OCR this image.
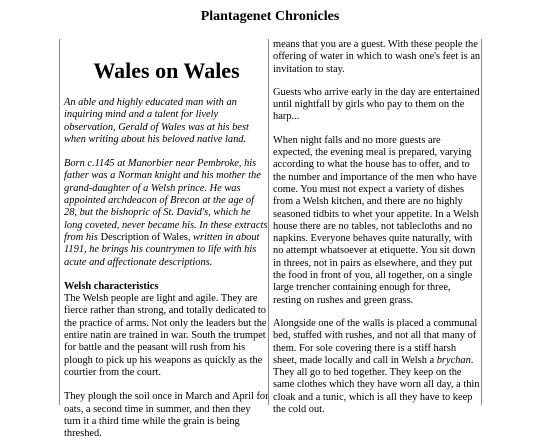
Plantagenet Chronicles
Wales on Wales

An able and highly educated man with an inquiring mind and a talent for lively observation, Gerald of Wales was at his best when writing about his beloved native land.

Born c.1145 at Manorbier near Pembroke, his father was a Norman knight and his mother the grand-daughter of a Welsh prince. He was appointed archdeacon of Brecon at the age of 28, but the bishopric of St. David's, which he long coveted, never became his. In these extracts from his Description of Wales, written in about 1191, he brings his countrymen to life with his acute and affectionate descriptions.

Welsh characteristics

The Welsh people are light and agile. They are fierce rather than strong, and totally dedicated to the practice of arms. Not only the leaders but the entire natin are trained in war. South the trumpet for battle and the peasant will rush from his plough to pick up his weapons as quickly as the courtier from the court.

They plough the soil once in March and April for oats, a second time in summer, and then they turn it a third time while the grain is being threshed.

means that you are a guest. With these people the offering of water in which to wash one's feet is an invitation to stay.

Guests who arrive early in the day are entertained until nightfall by girls who pay to them on the harp...

When night falls and no more guests are expected, the evening meal is prepared, varying according to what the house has to offer, and to the number and importance of the men who have come. You must not expect a variety of dishes from a Welsh kitchen, and there are no highly seasoned tidbits to whet your appetite. In a Welsh house there are no tables, not tablecloths and no napkins. Everyone behaves quite naturally, with no attempt whatsoever at etiquette. You sit down in threes, not in pairs as elsewhere, and they put the food in front of you, all together, on a single large trencher containing enough for three, resting on rushes and green grass.

Alongside one of the walls is placed a communal bed, stuffed with rushes, and not all that many of them. For sole covering there is a stiff harsh sheet, made locally and call in Welsh a brychan. They all go to bed together. They keep on the same clothes which they have worn all day, a thin cloak and a tunic, which is all they have to keep the cold out.
